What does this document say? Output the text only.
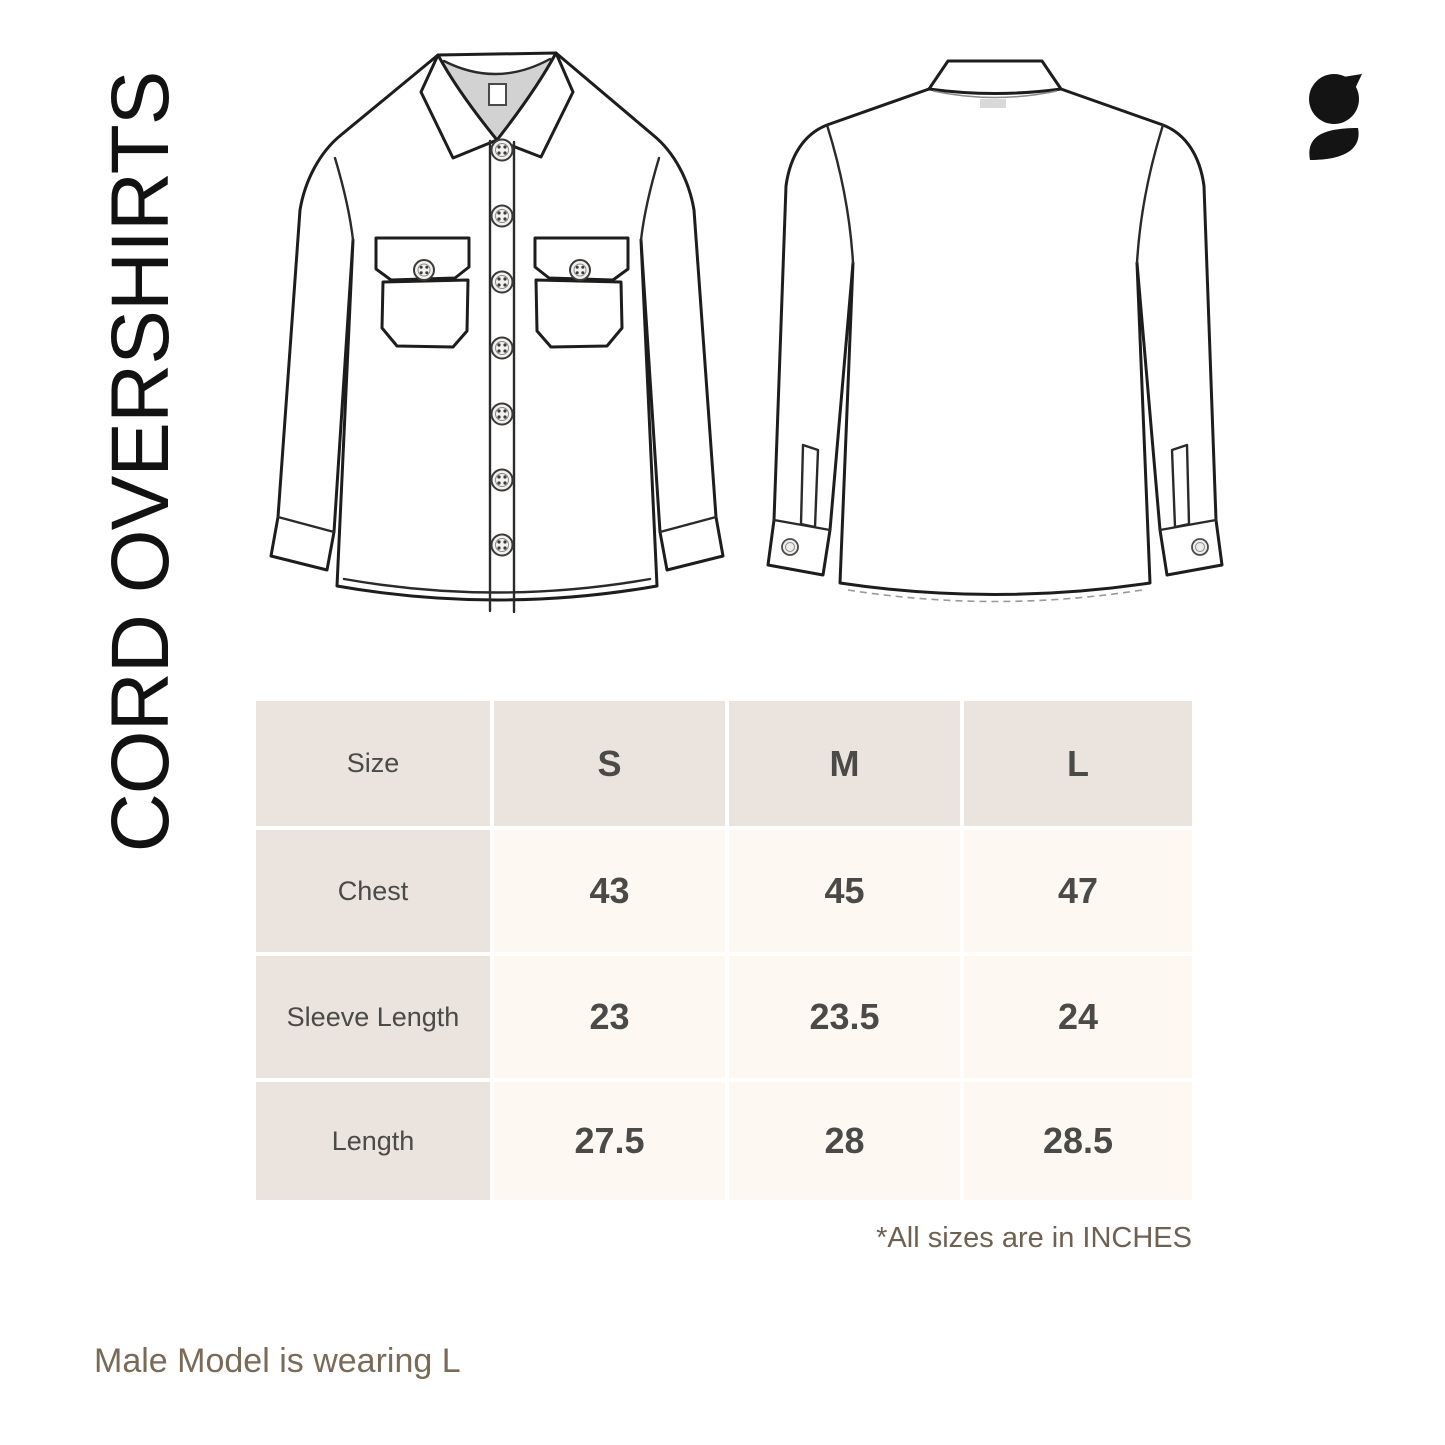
CORD OVERSHIRTS	Size	S	M	L
Chest	43	45	47
Sleeve Length	23	23.5	24
Length	27.5	28	28.5
*All sizes are in INCHES
Male Model is wearing L
